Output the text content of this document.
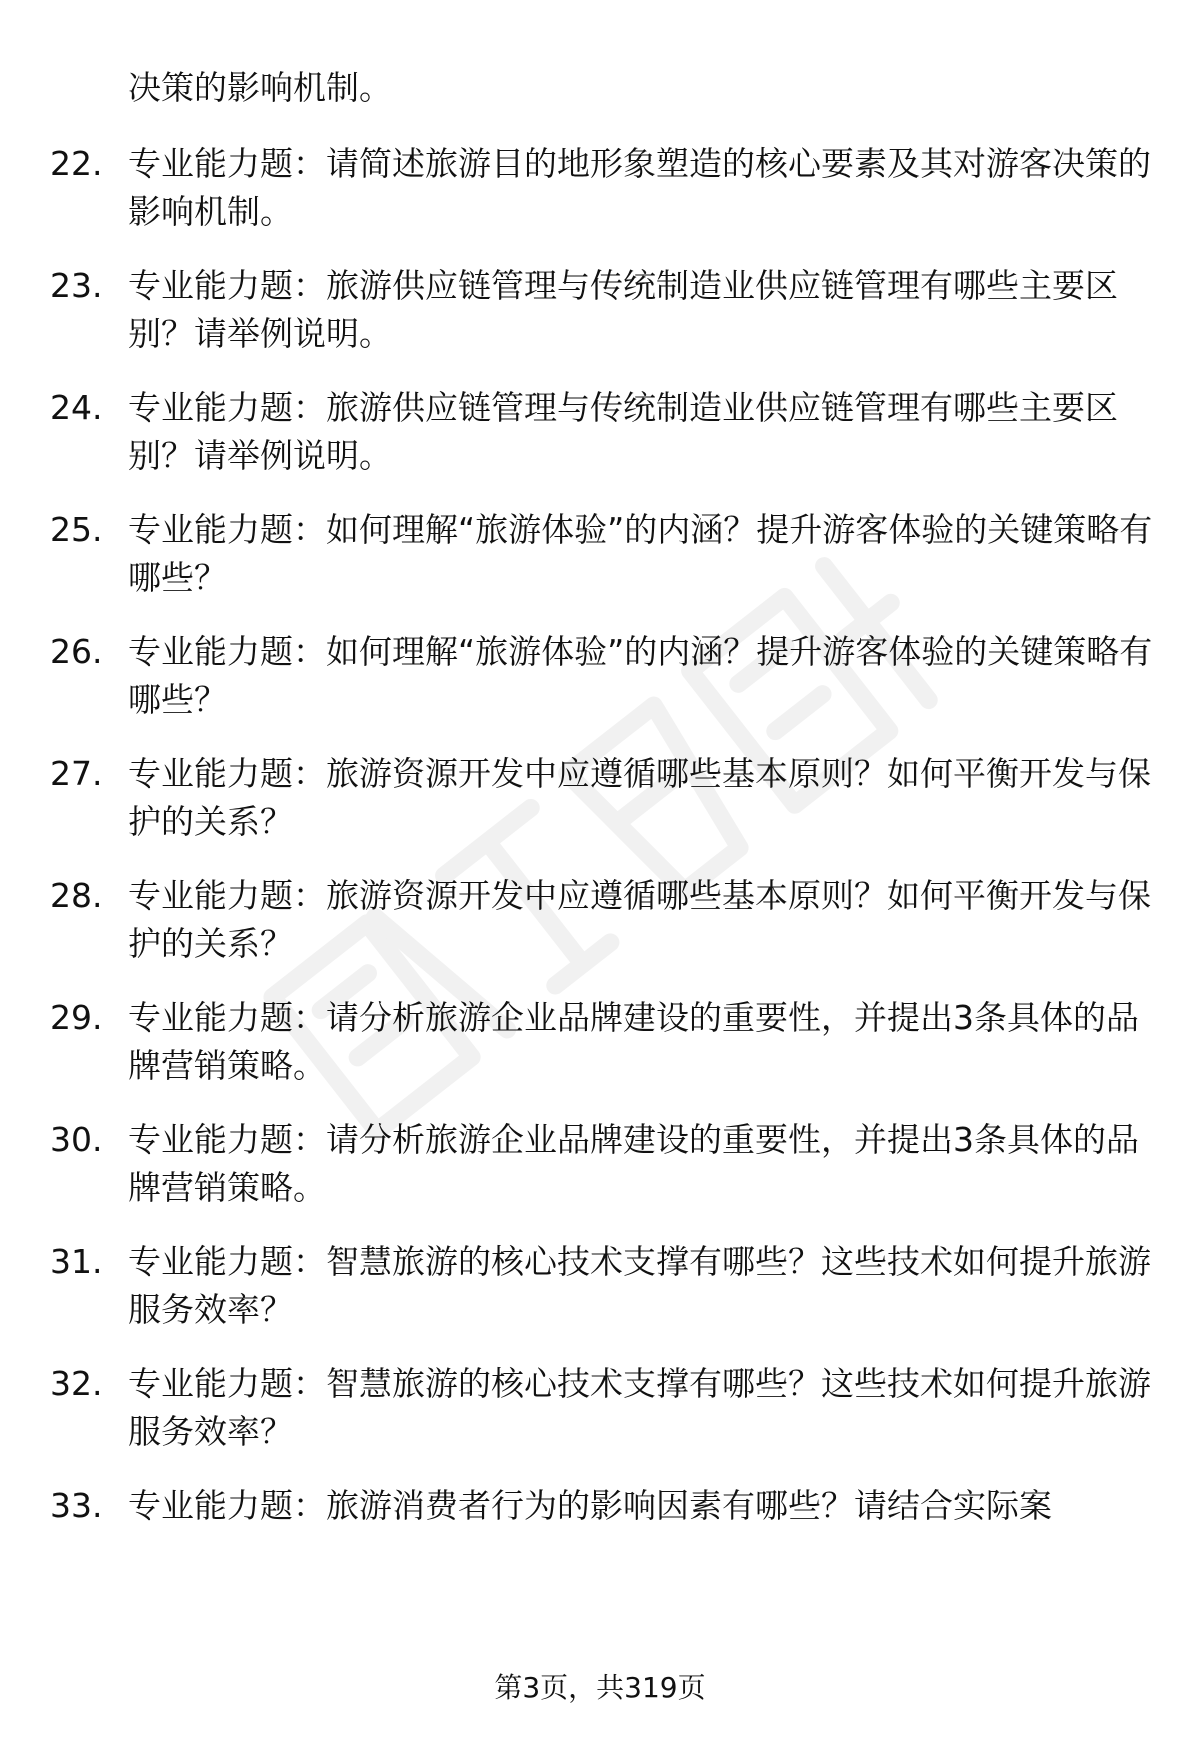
决策的影响机制。
22. 专业能力题：请简述旅游目的地形象塑造的核心要素及其对游客决策的影响机制。
23. 专业能力题：旅游供应链管理与传统制造业供应链管理有哪些主要区别？请举例说明。
24. 专业能力题：旅游供应链管理与传统制造业供应链管理有哪些主要区别？请举例说明。
25. 专业能力题：如何理解“旅游体验”的内涵？提升游客体验的关键策略有哪些？
26. 专业能力题：如何理解“旅游体验”的内涵？提升游客体验的关键策略有哪些？
27. 专业能力题：旅游资源开发中应遵循哪些基本原则？如何平衡开发与保护的关系？
28. 专业能力题：旅游资源开发中应遵循哪些基本原则？如何平衡开发与保护的关系？
29. 专业能力题：请分析旅游企业品牌建设的重要性，并提出3条具体的品牌营销策略。
30. 专业能力题：请分析旅游企业品牌建设的重要性，并提出3条具体的品牌营销策略。
31. 专业能力题：智慧旅游的核心技术支撑有哪些？这些技术如何提升旅游服务效率？
32. 专业能力题：智慧旅游的核心技术支撑有哪些？这些技术如何提升旅游服务效率？
33. 专业能力题：旅游消费者行为的影响因素有哪些？请结合实际案
第3页，共319页
